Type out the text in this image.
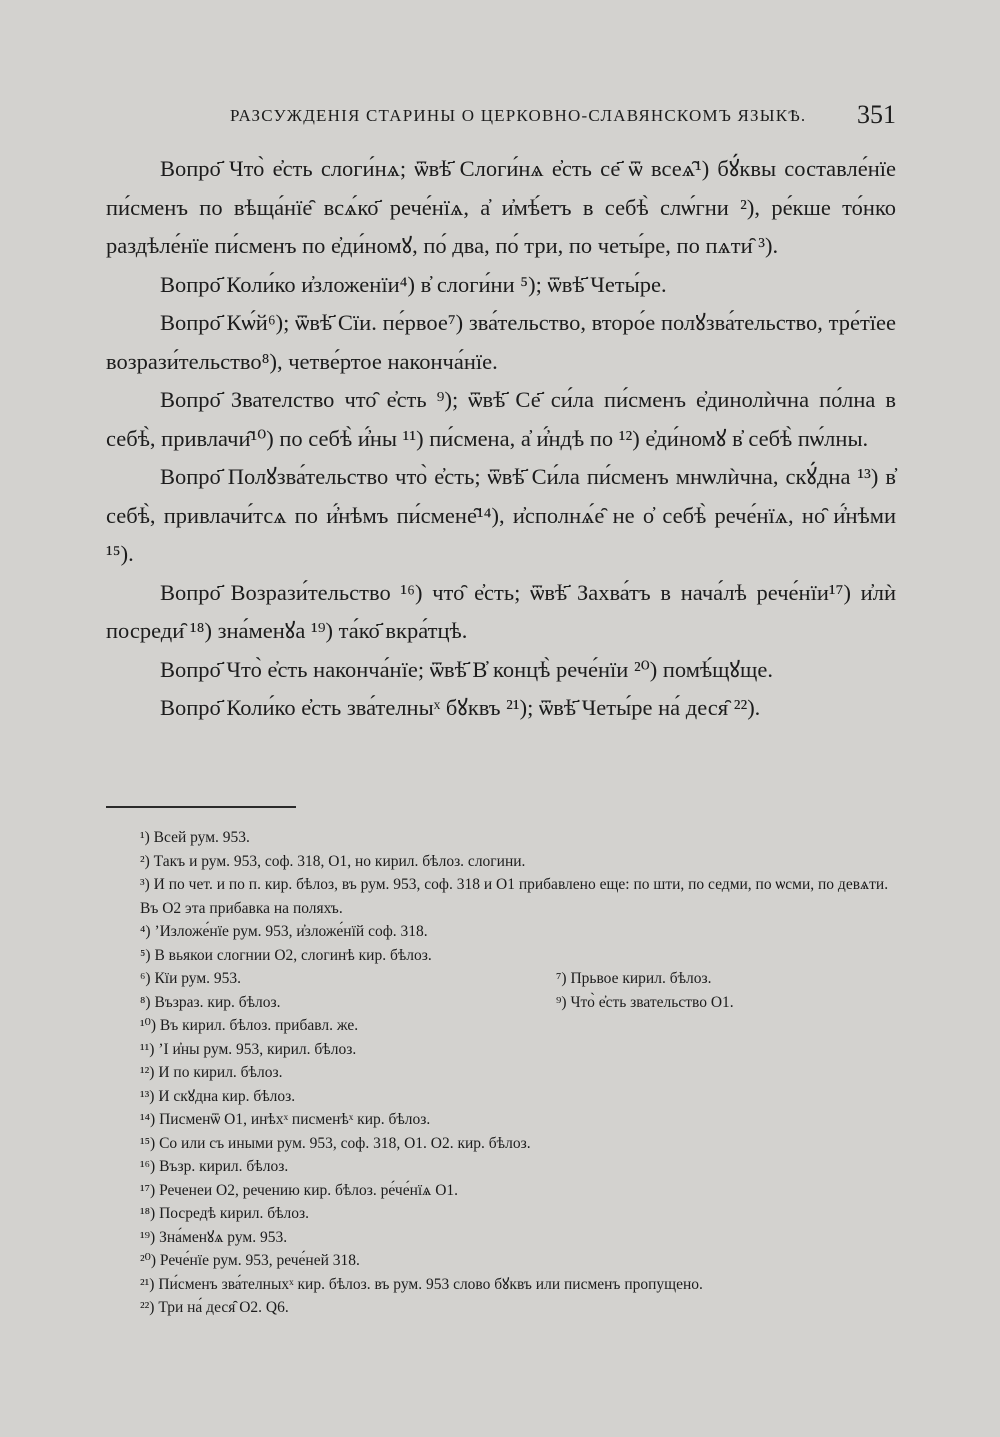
РАЗСУЖДЕНІЯ СТАРИНЫ О ЦЕРКОВНО-СЛАВЯНСКОМЪ ЯЗЫКѢ. 351

Вопро҃ Что̀ е҆сть слоги́нѧ; ѿвѣ҃ Слоги́нѧ е҆сть се҃ ѿ всеѧ̑¹) бꙋ́квы составле́нїе пи́сменъ по вѣща́нїе̑ всѧ́ко҃ рече́нїѧ, а҆ и҆мѣ́етъ в себѣ̀ слѡ́гни ²), ре́кше то́нко раздѣле́нїе пи́сменъ по е҆ди́номꙋ, по́ два, по́ три, по четы́ре, по пѧти̑ ³).

Вопро҃ Коли́ко и҆зложенїи⁴) в҆ слоги́ни ⁵); ѿвѣ҃ Четы́ре.

Вопро҃ Кѡ́й⁶); ѿвѣ҃ Сїи. пе́рвое⁷) зва́тельство, второ́е полꙋзва́тельство, тре́тїее возрази́тельство⁸), четве́ртое наконча́нїе.

Вопро҃ Звателство что̑ е҆сть ⁹); ѿвѣ҃ Се҃ си́ла пи́сменъ е҆динолѝчна по́лна в себѣ̀, привлачи̑¹⁰) по себѣ̀ и҆́ны ¹¹) пи́смена, а҆ и҆́ндѣ по ¹²) е҆ди́номꙋ в҆ себѣ̀ пѡ́лны.

Вопро҃ Полꙋзва́тельство что̀ е҆сть; ѿвѣ҃ Си́ла пи́сменъ мнѡлѝчна, скꙋ́дна ¹³) в҆ себѣ̀, привлачи́тсѧ по и҆́нѣмъ пи́смене̑¹⁴), и҆сполнѧ́е̑ не о҆ себѣ̀ рече́нїѧ, но̑ и҆́нѣми ¹⁵).

Вопро҃ Возрази́тельство ¹⁶) что̑ е҆сть; ѿвѣ҃ Захва́тъ в нача́лѣ рече́нїи¹⁷) и҆лѝ посреди̑ ¹⁸) зна́менꙋа ¹⁹) та́ко҃ вкра́тцѣ.

Вопро҃ Что̀ е҆сть наконча́нїе; ѿвѣ҃ В҆ концѣ̀ рече́нїи ²⁰) помѣ́щꙋще.

Вопро҃ Коли́ко е҆сть зва́телныˣ бꙋквъ ²¹); ѿвѣ҃ Четы́ре на́ деся̑ ²²).

¹) Всей рум. 953.
²) Такъ и рум. 953, соф. 318, О1, но кирил. бѣлоз. слогини.
³) И по чет. и по п. кир. бѣлоз, въ рум. 953, соф. 318 и О1 прибавлено еще: по шти, по седми, по ѡсми, по девѧти. Въ О2 эта прибавка на поляхъ.
⁴) ʼИзложе́нїе рум. 953, и҆зложе́нїй соф. 318.
⁵) В вьякои слогнии О2, слогинѣ кир. бѣлоз.
⁶) Кїи рум. 953.	⁷) Прьвое кирил. бѣлоз.
⁸) Възраз. кир. бѣлоз.	⁹) Что̀ е҆сть звательство О1.
¹⁰) Въ кирил. бѣлоз. прибавл. же.
¹¹) ʼІ и҆ны рум. 953, кирил. бѣлоз.
¹²) И по кирил. бѣлоз.
¹³) И скꙋдна кир. бѣлоз.
¹⁴) Писменѿ О1, инѣхˣ писменѣˣ кир. бѣлоз.
¹⁵) Со или съ иными рум. 953, соф. 318, О1. О2. кир. бѣлоз.
¹⁶) Възр. кирил. бѣлоз.
¹⁷) Реченеи О2, речению кир. бѣлоз. ре́че́нїѧ О1.
¹⁸) Посредѣ кирил. бѣлоз.
¹⁹) Зна́менꙋѧ рум. 953.
²⁰) Рече́нїе рум. 953, рече́ней 318.
²¹) Пи́сменъ зва́телныхˣ кир. бѣлоз. въ рум. 953 слово бꙋквъ или писменъ пропущено.
²²) Три на́ деся̑ О2. Q6.
